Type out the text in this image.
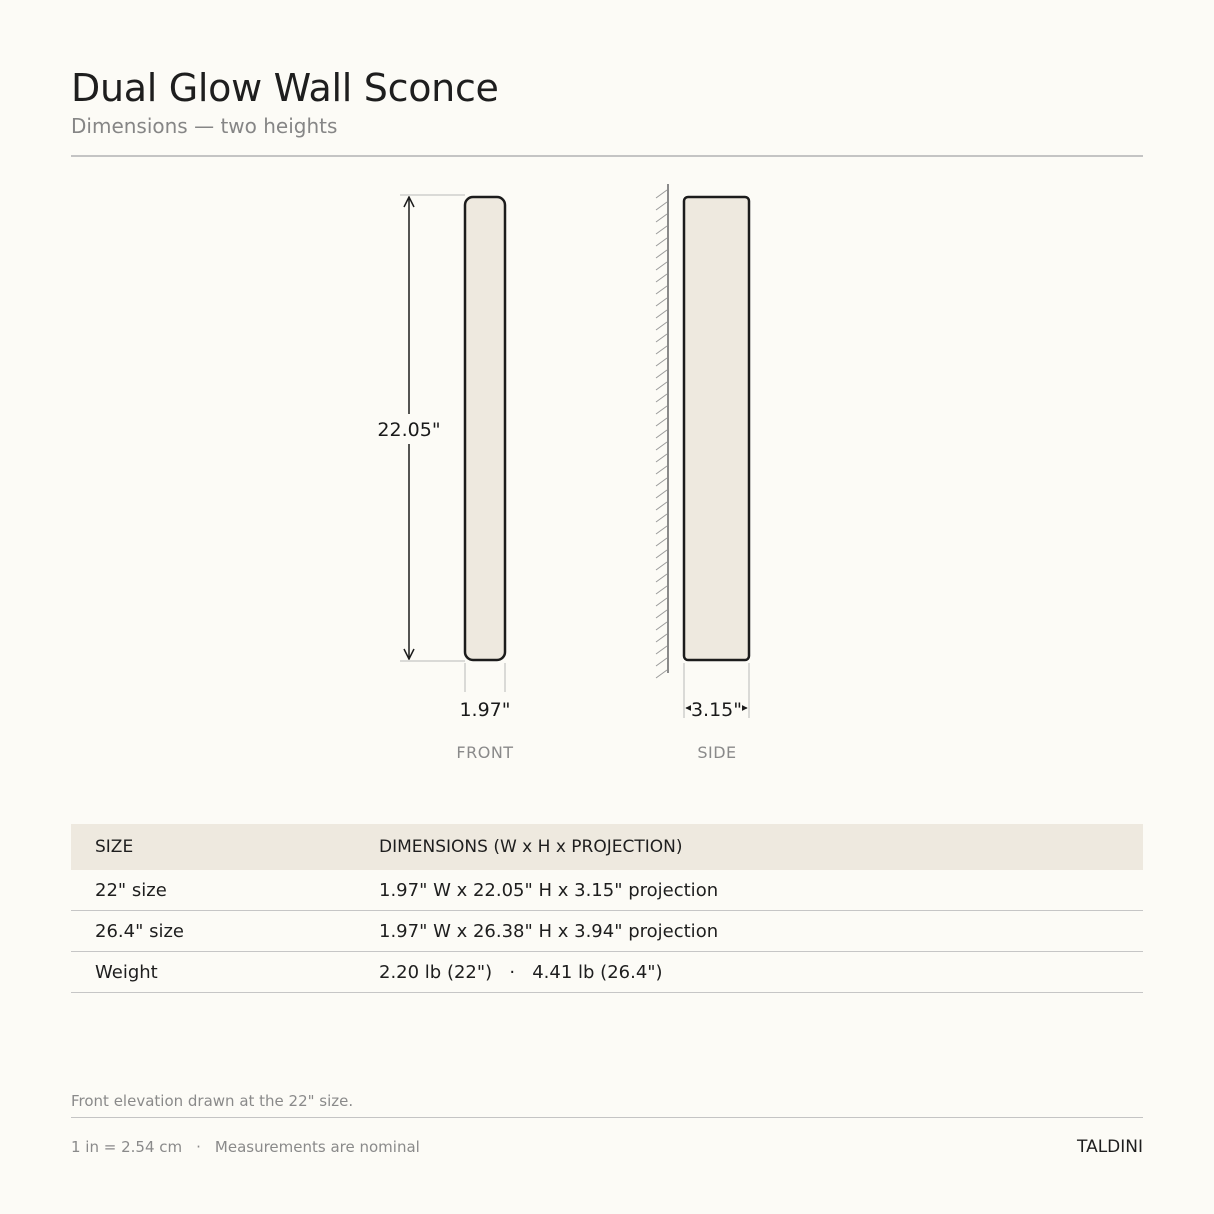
Dual Glow Wall Sconce
Dimensions — two heights
22.05"
1.97"
FRONT
3.15"
SIDE
SIZE	DIMENSIONS (W x H x PROJECTION)
22" size	1.97" W x 22.05" H x 3.15" projection
26.4" size	1.97" W x 26.38" H x 3.94" projection
Weight	2.20 lb (22")   ·   4.41 lb (26.4")
Front elevation drawn at the 22" size.
1 in = 2.54 cm · Measurements are nominal	TALDINI
